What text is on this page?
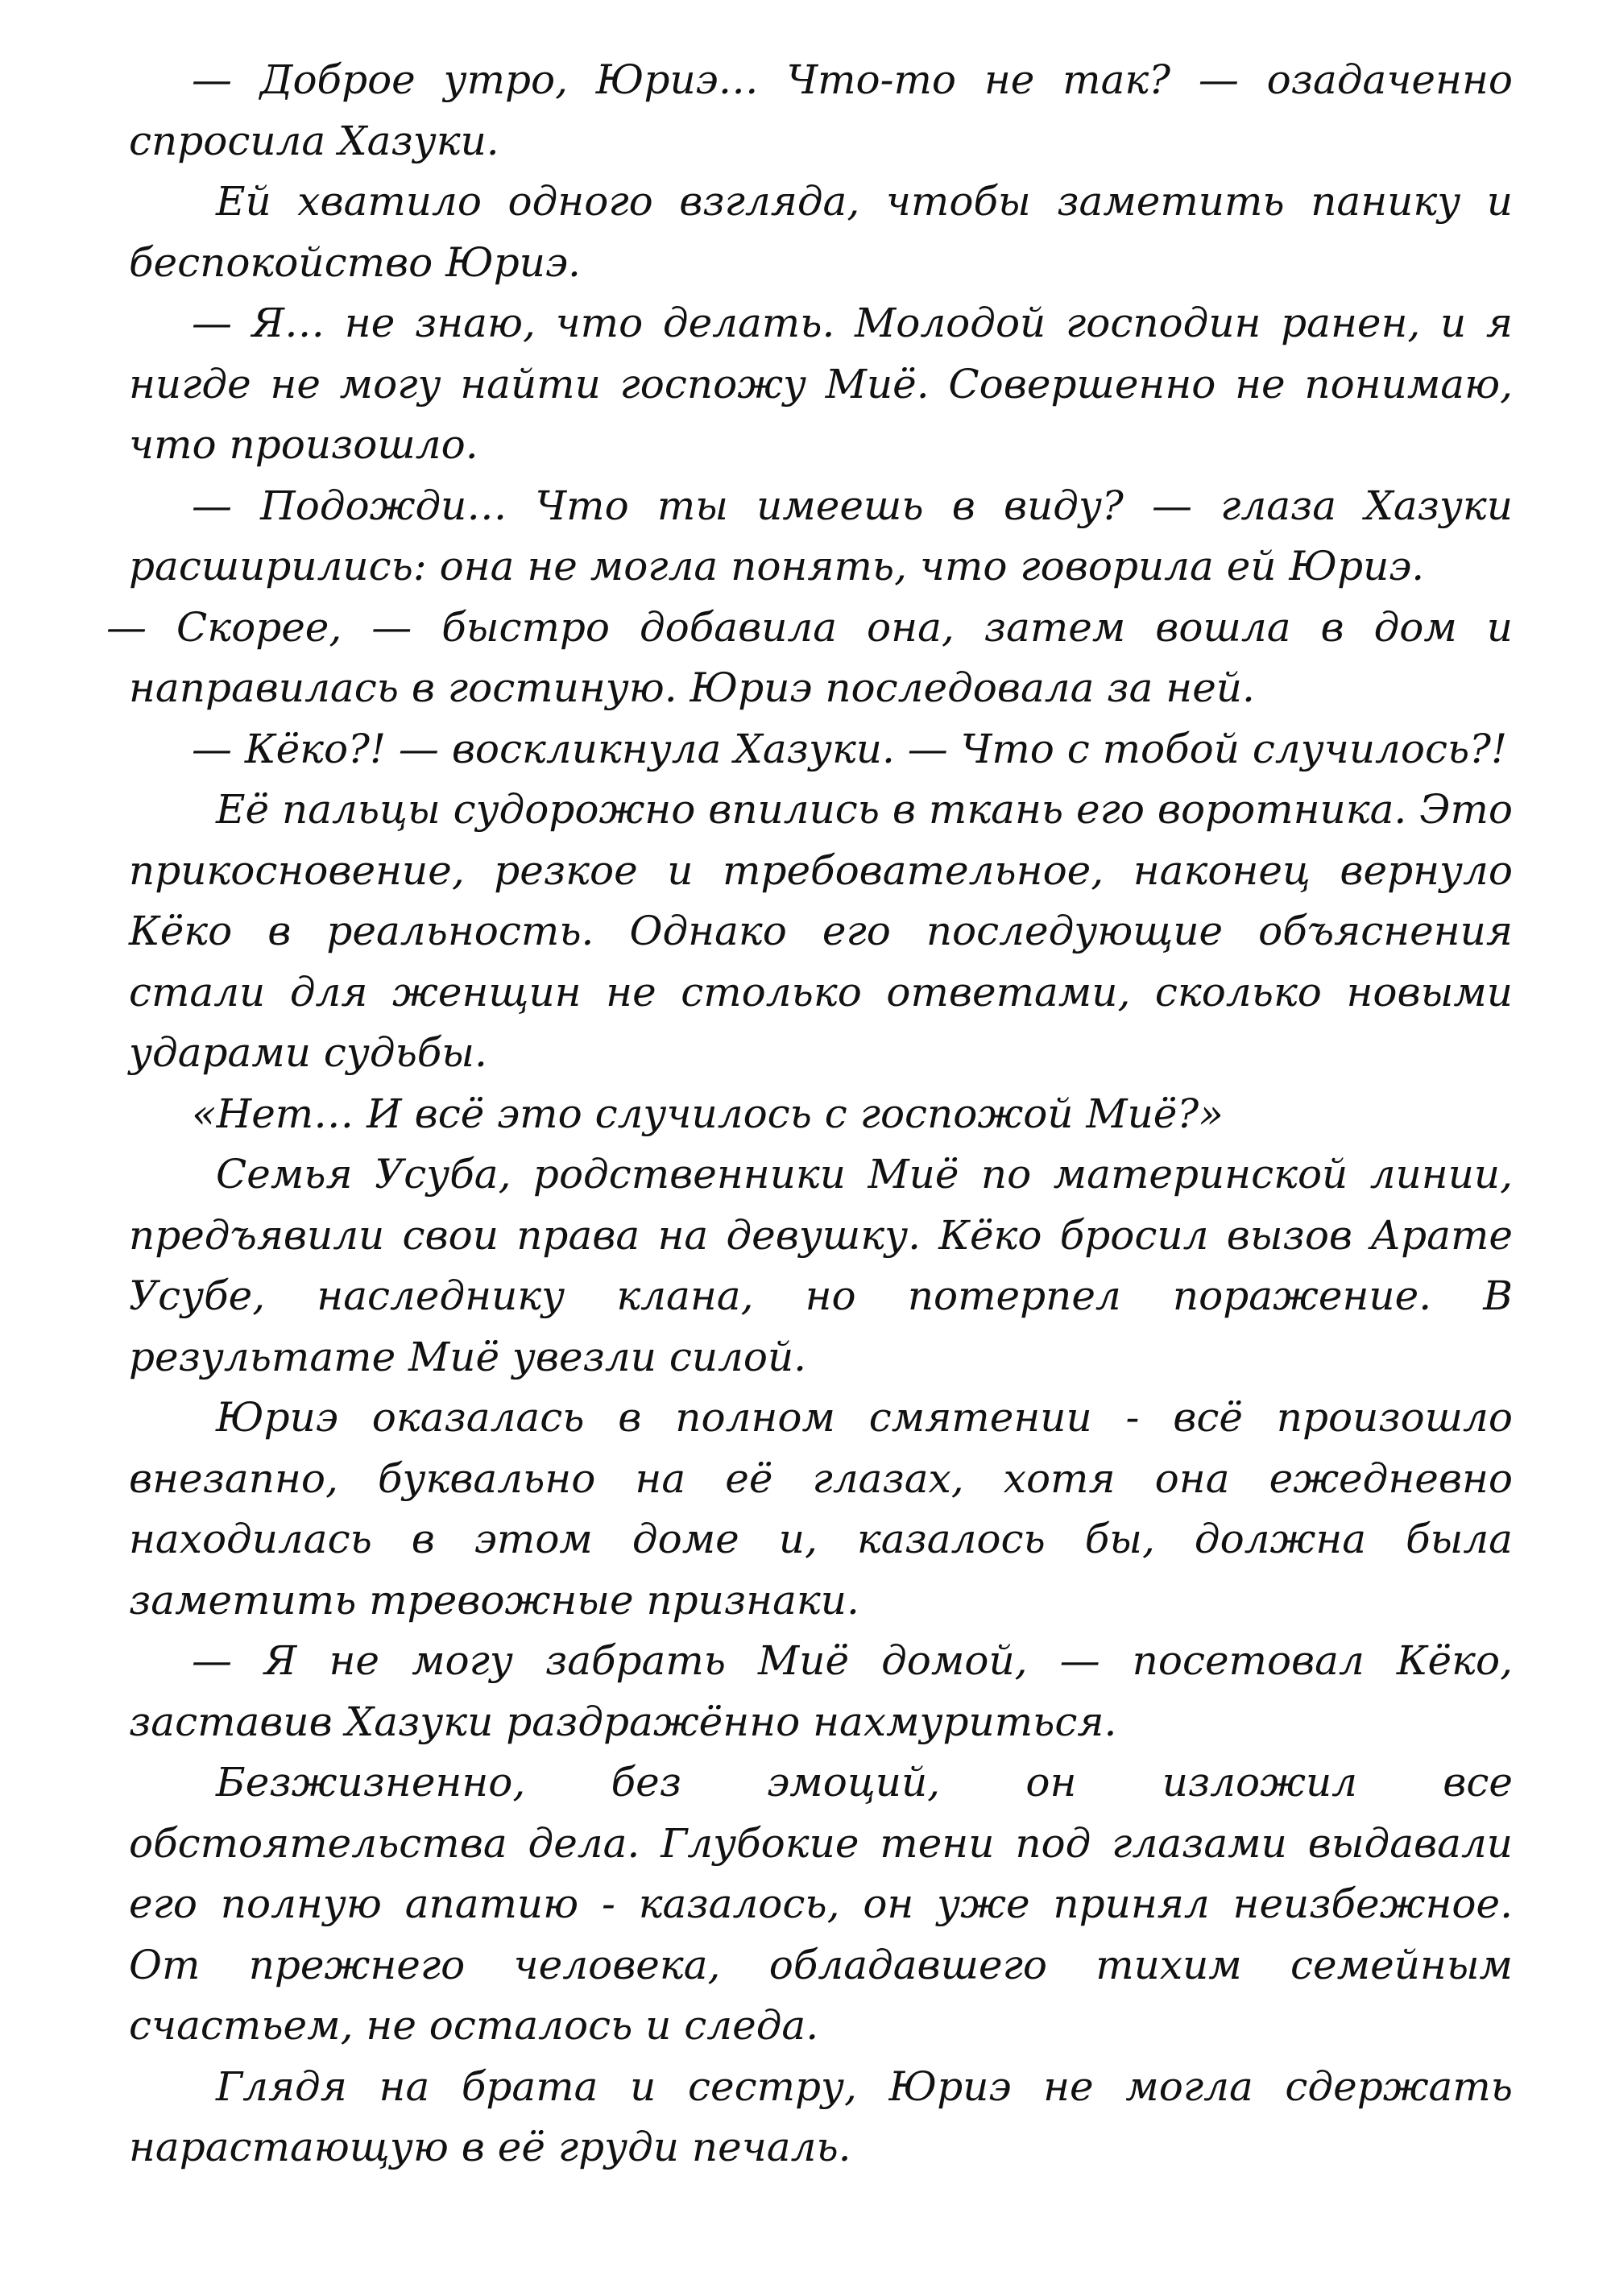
— Доброе утро, Юриэ… Что-то не так? — озадаченно спросила Хазуки.

Ей хватило одного взгляда, чтобы заметить панику и беспокойство Юриэ.

— Я… не знаю, что делать. Молодой господин ранен, и я нигде не могу найти госпожу Миё. Совершенно не понимаю, что произошло.

— Подожди… Что ты имеешь в виду? — глаза Хазуки расширились: она не могла понять, что говорила ей Юриэ.

— Скорее, — быстро добавила она, затем вошла в дом и направилась в гостиную. Юриэ последовала за ней.

— Кёко?! — воскликнула Хазуки. — Что с тобой случилось?!

Её пальцы судорожно впились в ткань его воротника. Это прикосновение, резкое и требовательное, наконец вернуло Кёко в реальность. Однако его последующие объяснения стали для женщин не столько ответами, сколько новыми ударами судьбы.

«Нет… И всё это случилось с госпожой Миё?»

Семья Усуба, родственники Миё по материнской линии, предъявили свои права на девушку. Кёко бросил вызов Арате Усубе, наследнику клана, но потерпел поражение. В результате Миё увезли силой.

Юриэ оказалась в полном смятении - всё произошло внезапно, буквально на её глазах, хотя она ежедневно находилась в этом доме и, казалось бы, должна была заметить тревожные признаки.

— Я не могу забрать Миё домой, — посетовал Кёко, заставив Хазуки раздражённо нахмуриться.

Безжизненно, без эмоций, он изложил все обстоятельства дела. Глубокие тени под глазами выдавали его полную апатию - казалось, он уже принял неизбежное. От прежнего человека, обладавшего тихим семейным счастьем, не осталось и следа.

Глядя на брата и сестру, Юриэ не могла сдержать нарастающую в её груди печаль.
